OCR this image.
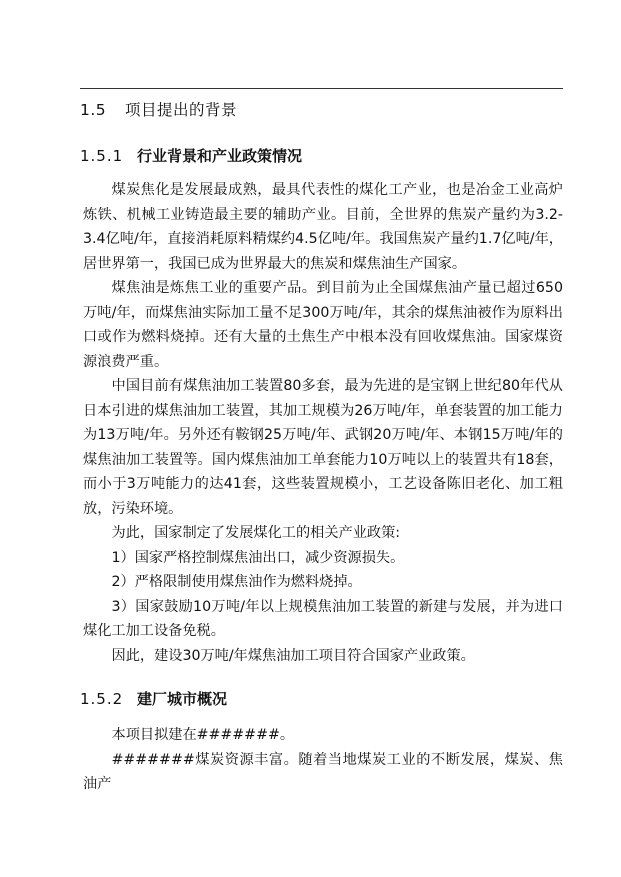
1.5 项目提出的背景
1.5.1 行业背景和产业政策情况

煤炭焦化是发展最成熟，最具代表性的煤化工产业，也是冶金工业高炉炼铁、机械工业铸造最主要的辅助产业。目前，全世界的焦炭产量约为3.2-3.4亿吨/年，直接消耗原料精煤约4.5亿吨/年。我国焦炭产量约1.7亿吨/年，居世界第一，我国已成为世界最大的焦炭和煤焦油生产国家。

煤焦油是炼焦工业的重要产品。到目前为止全国煤焦油产量已超过650万吨/年，而煤焦油实际加工量不足300万吨/年，其余的煤焦油被作为原料出口或作为燃料烧掉。还有大量的土焦生产中根本没有回收煤焦油。国家煤资源浪费严重。

中国目前有煤焦油加工装置80多套，最为先进的是宝钢上世纪80年代从日本引进的煤焦油加工装置，其加工规模为26万吨/年，单套装置的加工能力为13万吨/年。另外还有鞍钢25万吨/年、武钢20万吨/年、本钢15万吨/年的煤焦油加工装置等。国内煤焦油加工单套能力10万吨以上的装置共有18套，而小于3万吨能力的达41套，这些装置规模小，工艺设备陈旧老化、加工粗放，污染环境。

为此，国家制定了发展煤化工的相关产业政策:

1）国家严格控制煤焦油出口，减少资源损失。

2）严格限制使用煤焦油作为燃料烧掉。

3）国家鼓励10万吨/年以上规模焦油加工装置的新建与发展，并为进口煤化工加工设备免税。

因此，建设30万吨/年煤焦油加工项目符合国家产业政策。

1.5.2 建厂城市概况

本项目拟建在#######。

#######煤炭资源丰富。随着当地煤炭工业的不断发展，煤炭、焦油产
